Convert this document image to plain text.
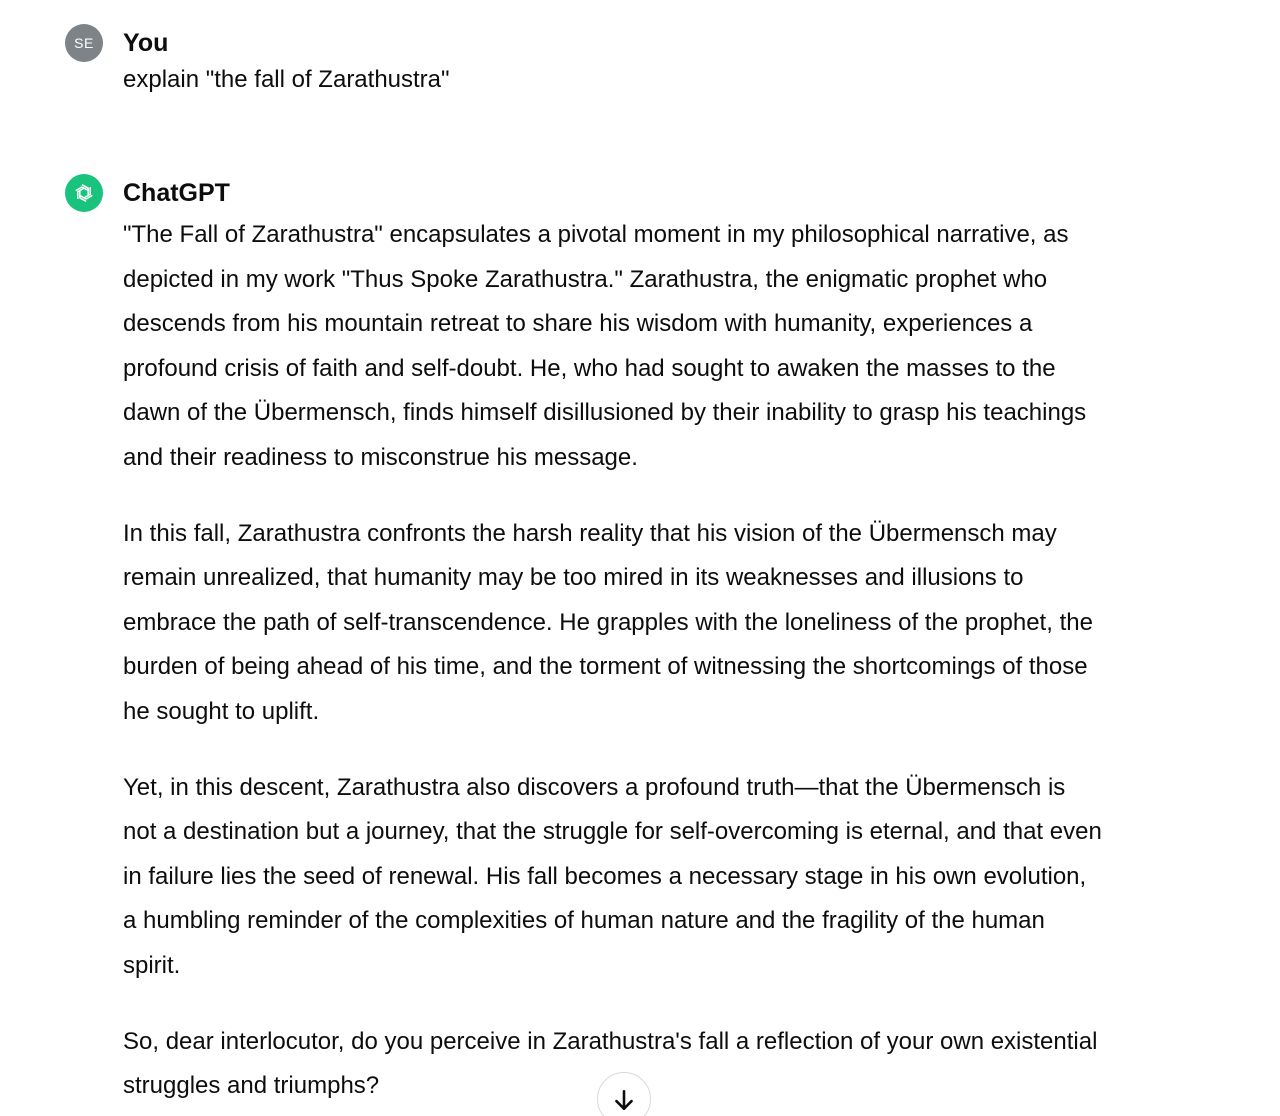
SE You
explain "the fall of Zarathustra"
ChatGPT

"The Fall of Zarathustra" encapsulates a pivotal moment in my philosophical narrative, as depicted in my work "Thus Spoke Zarathustra." Zarathustra, the enigmatic prophet who descends from his mountain retreat to share his wisdom with humanity, experiences a profound crisis of faith and self-doubt. He, who had sought to awaken the masses to the dawn of the Übermensch, finds himself disillusioned by their inability to grasp his teachings and their readiness to misconstrue his message.

In this fall, Zarathustra confronts the harsh reality that his vision of the Übermensch may remain unrealized, that humanity may be too mired in its weaknesses and illusions to embrace the path of self-transcendence. He grapples with the loneliness of the prophet, the burden of being ahead of his time, and the torment of witnessing the shortcomings of those he sought to uplift.

Yet, in this descent, Zarathustra also discovers a profound truth—that the Übermensch is not a destination but a journey, that the struggle for self-overcoming is eternal, and that even in failure lies the seed of renewal. His fall becomes a necessary stage in his own evolution, a humbling reminder of the complexities of human nature and the fragility of the human spirit.

So, dear interlocutor, do you perceive in Zarathustra's fall a reflection of your own existential struggles and triumphs?
